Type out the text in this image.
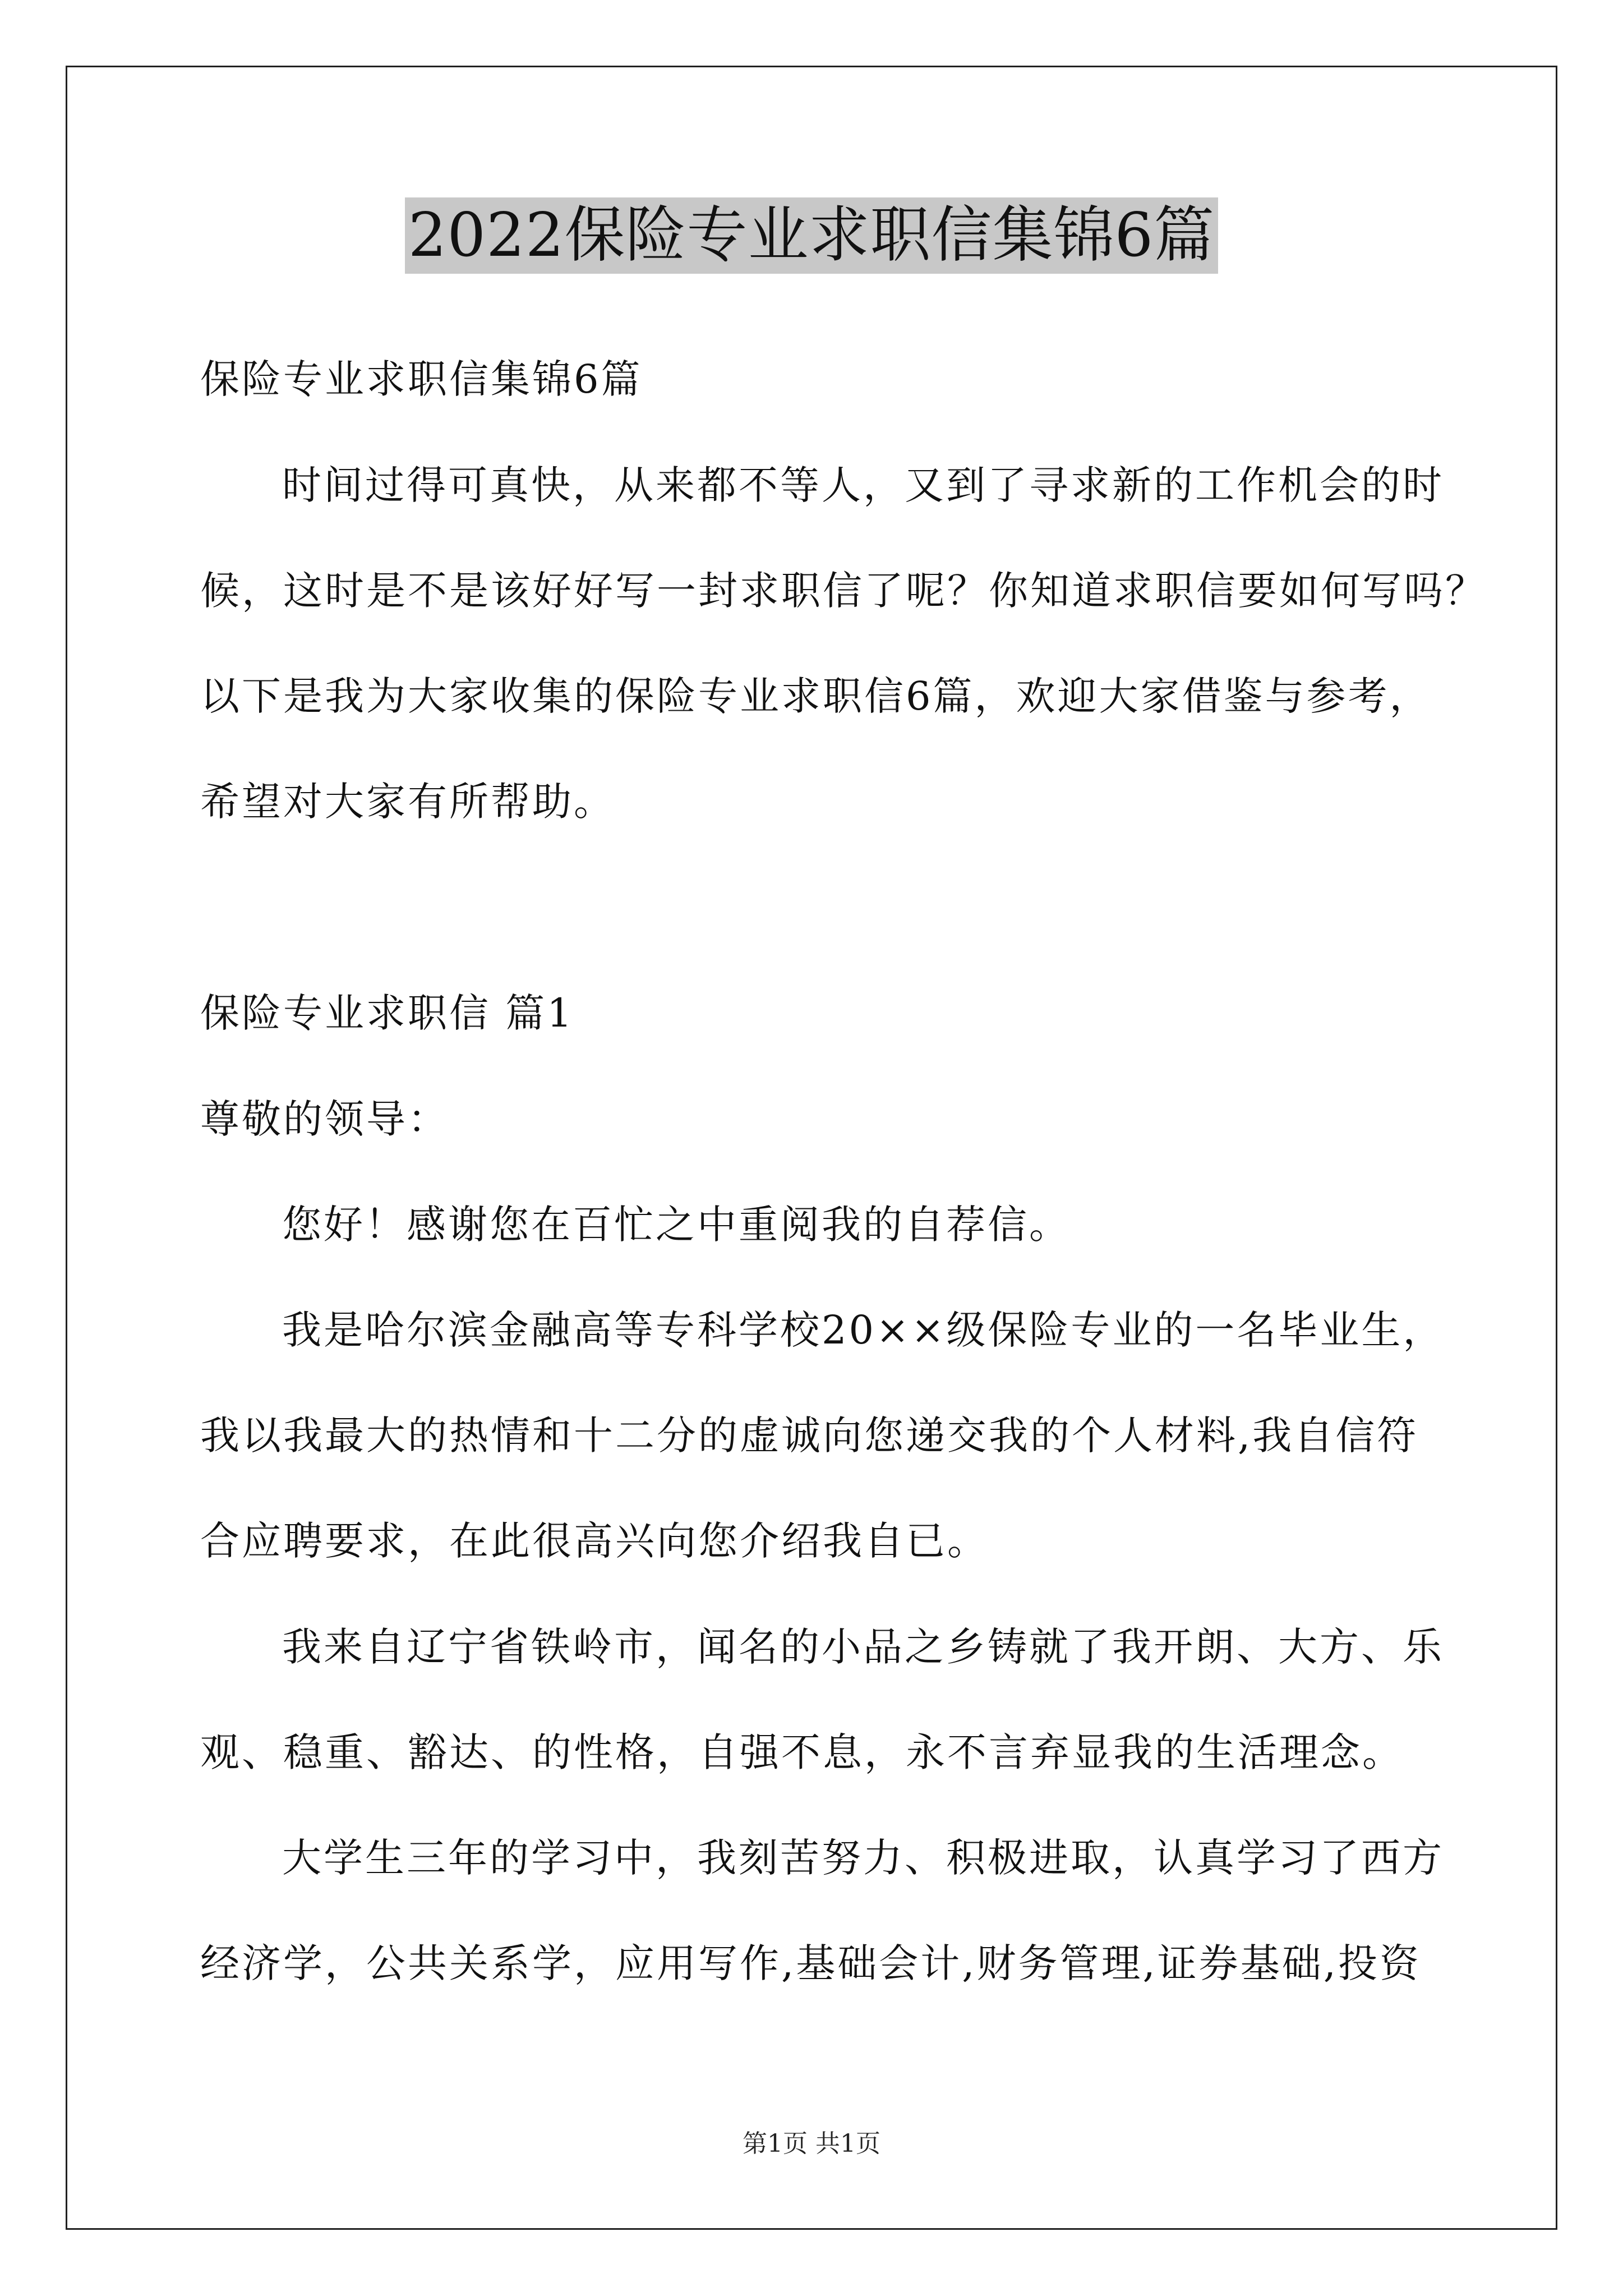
2022保险专业求职信集锦6篇
保险专业求职信集锦6篇
时间过得可真快，从来都不等人，又到了寻求新的工作机会的时
候，这时是不是该好好写一封求职信了呢？你知道求职信要如何写吗？
以下是我为大家收集的保险专业求职信6篇，欢迎大家借鉴与参考，
希望对大家有所帮助。
保险专业求职信 篇1
尊敬的领导：
您好！感谢您在百忙之中重阅我的自荐信。
我是哈尔滨金融高等专科学校20××级保险专业的一名毕业生，
我以我最大的热情和十二分的虚诚向您递交我的个人材料,我自信符
合应聘要求，在此很高兴向您介绍我自已。
我来自辽宁省铁岭市，闻名的小品之乡铸就了我开朗、大方、乐
观、稳重、豁达、的性格，自强不息，永不言弃显我的生活理念。
大学生三年的学习中，我刻苦努力、积极进取，认真学习了西方
经济学，公共关系学，应用写作,基础会计,财务管理,证券基础,投资
第1页 共1页
